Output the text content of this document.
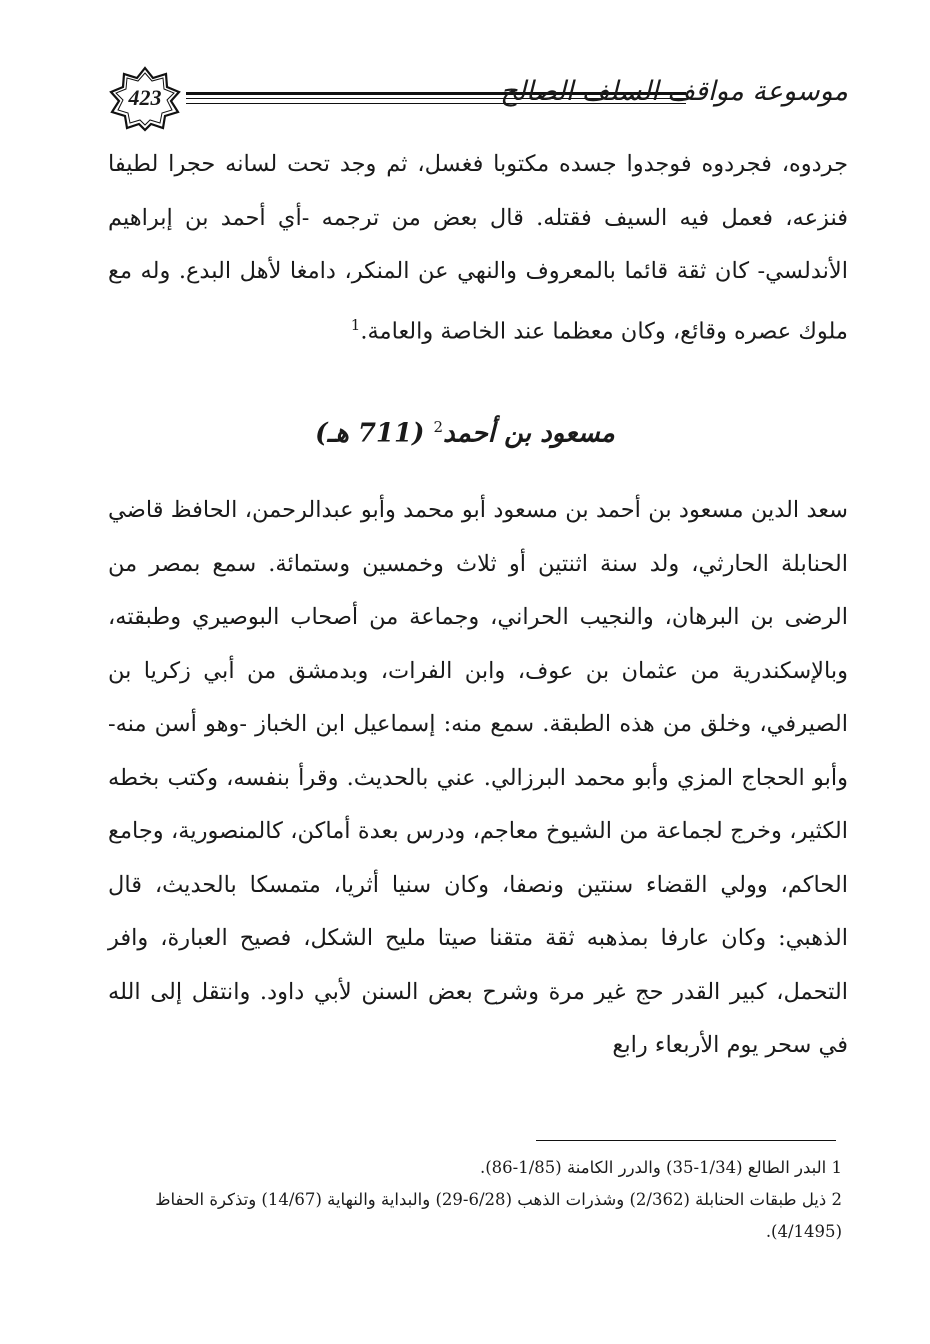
423	موسوعة مواقف السلف الصالح
جردوه، فجردوه فوجدوا جسده مكتوبا فغسل، ثم وجد تحت لسانه حجرا لطيفا فنزعه، فعمل فيه السيف فقتله. قال بعض من ترجمه -أي أحمد بن إبراهيم الأندلسي- كان ثقة قائما بالمعروف والنهي عن المنكر، دامغا لأهل البدع. وله مع ملوك عصره وقائع، وكان معظما عند الخاصة والعامة.$^1$
مسعود بن أحمد$^2$ (711 هـ)
سعد الدين مسعود بن أحمد بن مسعود أبو محمد وأبو عبدالرحمن، الحافظ قاضي الحنابلة الحارثي، ولد سنة اثنتين أو ثلاث وخمسين وستمائة. سمع بمصر من الرضى بن البرهان، والنجيب الحراني، وجماعة من أصحاب البوصيري وطبقته، وبالإسكندرية من عثمان بن عوف، وابن الفرات، وبدمشق من أبي زكريا بن الصيرفي، وخلق من هذه الطبقة. سمع منه: إسماعيل ابن الخباز -وهو أسن منه- وأبو الحجاج المزي وأبو محمد البرزالي. عني بالحديث. وقرأ بنفسه، وكتب بخطه الكثير، وخرج لجماعة من الشيوخ معاجم، ودرس بعدة أماكن، كالمنصورية، وجامع الحاكم، وولي القضاء سنتين ونصفا، وكان سنيا أثريا، متمسكا بالحديث، قال الذهبي: وكان عارفا بمذهبه ثقة متقنا صيتا مليح الشكل، فصيح العبارة، وافر التحمل، كبير القدر حج غير مرة وشرح بعض السنن لأبي داود. وانتقل إلى الله في سحر يوم الأربعاء رابع

1 البدر الطالع (1/34-35) والدرر الكامنة (1/85-86).

2 ذيل طبقات الحنابلة (2/362) وشذرات الذهب (6/28-29) والبداية والنهاية (14/67) وتذكرة الحفاظ (4/1495).
